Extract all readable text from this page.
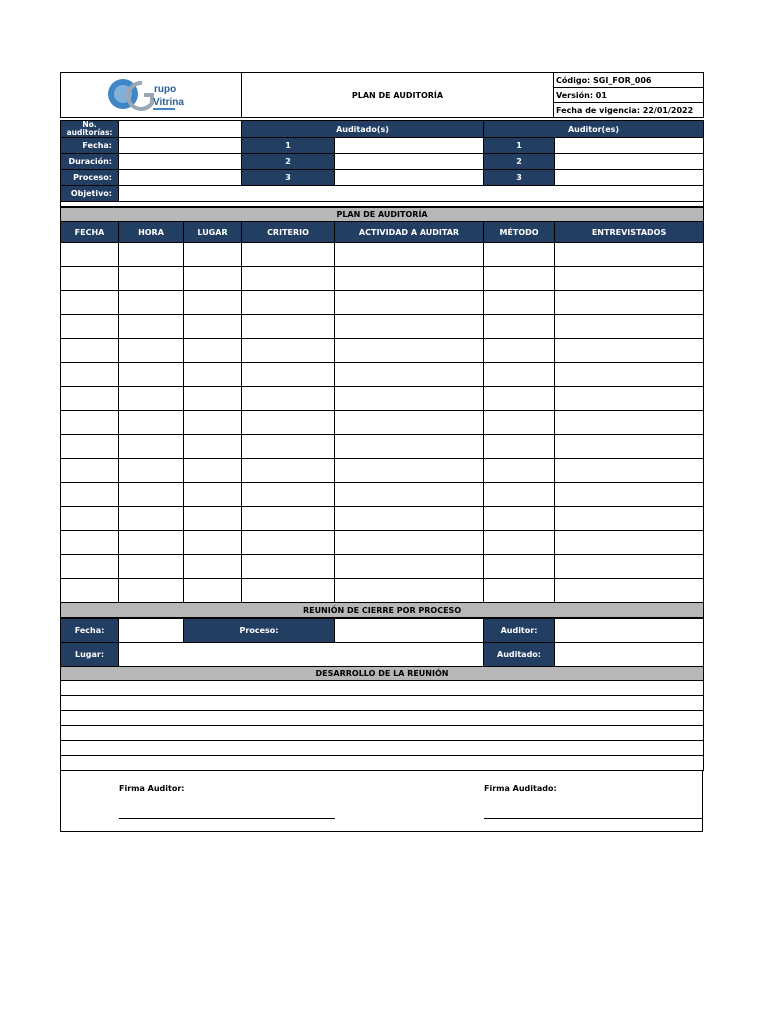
rupo
Vitrina
	PLAN DE AUDITORÍA	Código: SGI_FOR_006
Versión: 01
Fecha de vigencia: 22/01/2022
No. auditorías:		Auditado(s)		Auditor(es)	
Fecha:		1		1	
Duración:		2		2	
Proceso:		3		3	
Objetivo:					

PLAN DE AUDITORÍA						
FECHA	HORA	LUGAR	CRITERIO	ACTIVIDAD A AUDITAR	MÉTODO	ENTREVISTADOS

REUNIÓN DE CIERRE POR PROCESO						
Fecha:		Proceso:		Auditor:	
Lugar:				Auditado:	
DESARROLLO DE LA REUNIÓN					

Firma Auditor:	Firma Auditado:
